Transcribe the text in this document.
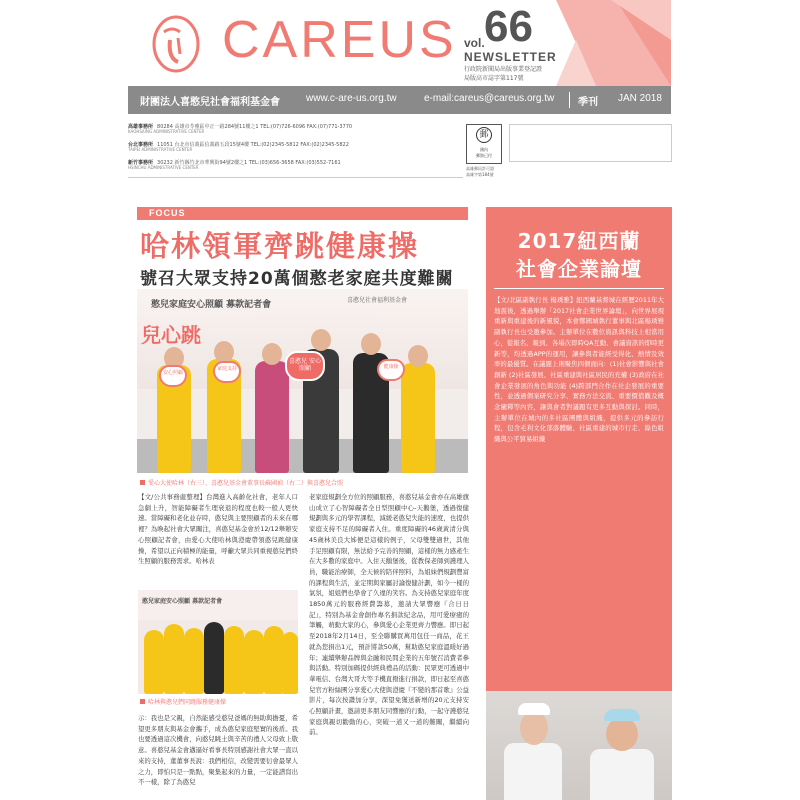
CAREUS vol. 66
NEWSLETTER
行政院新聞局出版事業登記證
局版高市誌字第117號
財團法人喜憨兒社會福利基金會	www.c-are-us.org.tw	e-mail:careus@careus.org.tw 季刊 JAN 2018
高雄事務所 80284 高雄市苓雅區中正一路284號11樓之1 TEL:(07)726-6096 FAX:(07)771-3770
KAOHSIUNG ADMINISTRATIVE CENTER
台北事務所 11051 台北市信義區信義路五段15號4樓 TEL:(02)2345-5812 FAX:(02)2345-5822
TAIPEI ADMINISTRATIVE CENTER
新竹事務所 30232 新竹縣竹北市華興街94號2樓之1 TEL:(03)656-3658 FAX:(03)552-7161
HSINCHU ADMINISTRATIVE CENTER
郵
國內
郵資已付
高雄郵局許可證
高雄字第184號
FOCUS
哈林領軍齊跳健康操
號召大眾支持20萬個憨老家庭共度難關
憨兒家庭安心照顧 募款記者會
兒心跳
喜憨兒社會福利基金會
安心照顧
家庭支持
喜憨兒 安心照顧	健康操
愛心大使哈林（右三）、喜憨兒基金會董事長蘇國禎（右二）與喜憨兒合照
【文/公共事務處整理】台灣進入高齡化社會，老年人口急劇上升，智能障礙者生理衰退的程度也較一般人更快速。當障礙和老化並存時，憨兒與主要照顧者的未來在哪裡？為喚起社會大眾關注，喜憨兒基金會於12/12舉辦安心照顧記者會，由愛心大使哈林與澄慶帶領憨兒跳健康操，希望以正向積極的能量，呼籲大眾共同重視憨兒們終生照顧的服務需求。哈林表
憨兒家庭安心照顧 募款記者會
哈林與憨兒們同跳服務健康操
示：我也是父親，自然能感受憨兒爸媽的無助與擔憂，希望更多朋友與基金會攜手，成為憨兒家庭堅實的後盾。我也要透過這次機會，向憨兒眺土與辛苦的禮人父母致上敬意。喜憨兒基金會邁逼好看事長特別感謝社會大眾一直以來的支持，董董事長說：我們相信，改變需要衍會最眾人之力，即怕只是一點點，聚集起來的力量，一定能譜寫出不一樣，除了為憨兒
老家庭規劃全方位的照顧服務，喜憨兒基金會亦在高雄旗山成立了心智障礙者全日型照顧中心-天鵝堡，透過復健規劃與多元的學習課程，減緩老憨兒失能的速度，也提供家庭支持不足的障礙者入住。重度障礙的46歲黃清分與45歲林美良大姊便是這樣的例子，父母雙雙過世，其他手足照顧有限，無法給予完善的照顧，這樣的無力感產生在大多數的家庭中。入住天鵝堡後，從教保老師到護理人員，職能治療師，全天候的陪伴照料，為姐妹們規劃豐富的課程與生活，並定期與家屬討論復健計劃，如今一樣的氣氛，姐姐們也學會了久違的笑容。為支持憨兒家庭年度1850萬元的服務經費籌募，邀請大眾響應『合日日記』，特別為基金會創作專名捐款紀念品，用可愛療癒的筆觸，萌動大家的心，參與愛心企業更齊力響應。即日起至2018年2月14日，至全聯購買萬用包任一商品，花王就為您捐出1元，預計將款50萬，幫助憨兒家庭溫暖好過年；連續舉辦品牌與金融和民間企業的五年號召消費者參與活動。特別加碼提供經典禮品的活動：民眾更可透過中華電信、台灣大哥大等手機直撥進行捐款，即日起至喜憨兒官方粉絲團分享愛心大使與澄慶『不變的那首歌』公益影片，每次按讚加分享，深望免獲送新增的20元支持安心照顧計畫，邀請更多朋友同響應的行動，一起守護憨兒家庭與親切勸動的心，突破一道又一道的難關，繼續向前。
2017紐西蘭
社會企業論壇
【文/北區副執行長 楊琇雅】紐西蘭基督城在經歷2011年大地震後，透過舉辦「2017社會企業世界論壇」，向世界展現重新與重建後的新風貌，本會鄭國城執行董事與北區楊琇雅副執行長也受邀參加。主辦單位在數位資訊與科技上相當用心，從報名、報到、各場次即時QA互動、會議資訊的即時更新等，均透過APP的運用，讓參與者能經受得化、熱情及效率的最優質。在議題上則聚焦四個面向：(1)社會影響與社會創新 (2)社區發展、社區重建與社區居民的充權 (3)政府在社會企業發展的角色與功能 (4)跨部門合作在社企發展的重要性，並透過個案研究分享、實務方法交流、重要價值觀及概念闡釋等內容，讓與會者對議題有更多互動與探討。同時，主辦單位在城內的多社區團體與組織，提供多元的參訪行程，包含毛利文化部落體驗、社區重建的城市行走、綠色組織與公平貿易組織
